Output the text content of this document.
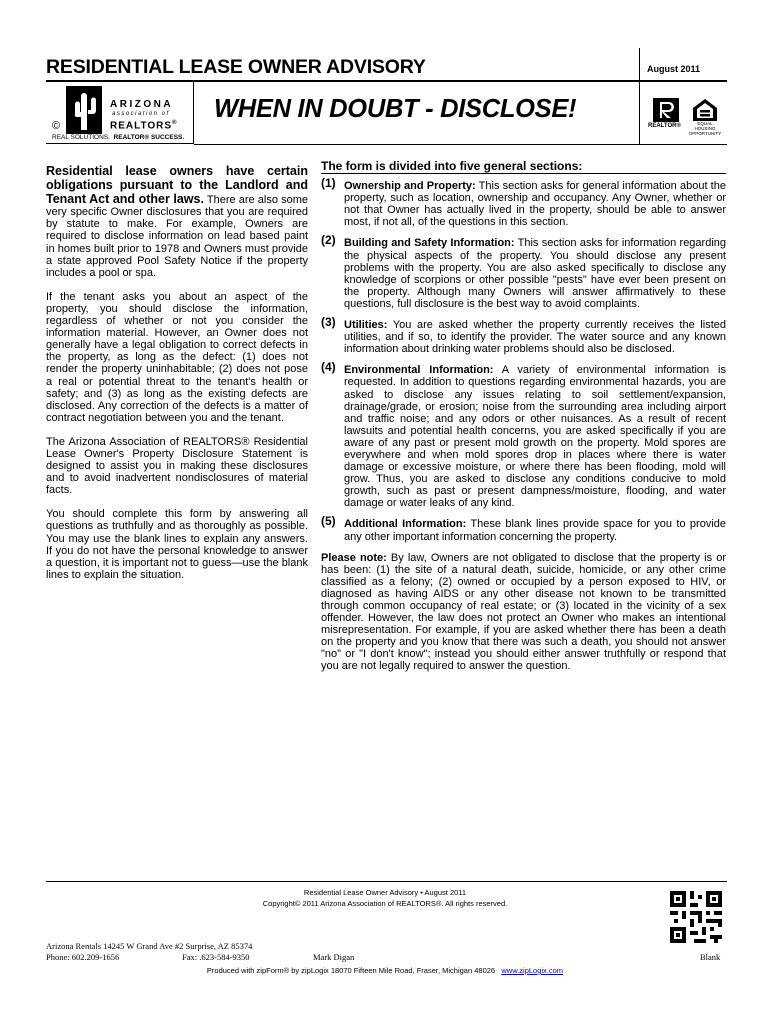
RESIDENTIAL LEASE OWNER ADVISORY	August 2011
©
ARIZONA
association of
REALTORS®
REAL SOLUTIONS. REALTOR® SUCCESS.
WHEN IN DOUBT - DISCLOSE!
REALTOR®	EQUAL HOUSING
OPPORTUNITY

Residential lease owners have certain obligations pursuant to the Landlord and Tenant Act and other laws. There are also some very specific Owner disclosures that you are required by statute to make. For example, Owners are required to disclose information on lead based paint in homes built prior to 1978 and Owners must provide a state approved Pool Safety Notice if the property includes a pool or spa.

If the tenant asks you about an aspect of the property, you should disclose the information, regardless of whether or not you consider the information material. However, an Owner does not generally have a legal obligation to correct defects in the property, as long as the defect: (1) does not render the property uninhabitable; (2) does not pose a real or potential threat to the tenant's health or safety; and (3) as long as the existing defects are disclosed. Any correction of the defects is a matter of contract negotiation between you and the tenant.

The Arizona Association of REALTORS® Residential Lease Owner's Property Disclosure Statement is designed to assist you in making these disclosures and to avoid inadvertent nondisclosures of material facts.

You should complete this form by answering all questions as truthfully and as thoroughly as possible. You may use the blank lines to explain any answers. If you do not have the personal knowledge to answer a question, it is important not to guess—use the blank lines to explain the situation.

The form is divided into five general sections:
(1) Ownership and Property: This section asks for general information about the property, such as location, ownership and occupancy. Any Owner, whether or not that Owner has actually lived in the property, should be able to answer most, if not all, of the questions in this section.
(2) Building and Safety Information: This section asks for information regarding the physical aspects of the property. You should disclose any present problems with the property. You are also asked specifically to disclose any knowledge of scorpions or other possible "pests" have ever been present on the property. Although many Owners will answer affirmatively to these questions, full disclosure is the best way to avoid complaints.
(3) Utilities: You are asked whether the property currently receives the listed utilities, and if so, to identify the provider. The water source and any known information about drinking water problems should also be disclosed.
(4) Environmental Information: A variety of environmental information is requested. In addition to questions regarding environmental hazards, you are asked to disclose any issues relating to soil settlement/expansion, drainage/grade, or erosion; noise from the surrounding area including airport and traffic noise; and any odors or other nuisances. As a result of recent lawsuits and potential health concerns, you are asked specifically if you are aware of any past or present mold growth on the property. Mold spores are everywhere and when mold spores drop in places where there is water damage or excessive moisture, or where there has been flooding, mold will grow. Thus, you are asked to disclose any conditions conducive to mold growth, such as past or present dampness/moisture, flooding, and water damage or water leaks of any kind.
(5) Additional Information: These blank lines provide space for you to provide any other important information concerning the property.

Please note: By law, Owners are not obligated to disclose that the property is or has been: (1) the site of a natural death, suicide, homicide, or any other crime classified as a felony; (2) owned or occupied by a person exposed to HIV, or diagnosed as having AIDS or any other disease not known to be transmitted through common occupancy of real estate; or (3) located in the vicinity of a sex offender. However, the law does not protect an Owner who makes an intentional misrepresentation. For example, if you are asked whether there has been a death on the property and you know that there was such a death, you should not answer "no" or "I don't know"; instead you should either answer truthfully or respond that you are not legally required to answer the question.

Residential Lease Owner Advisory • August 2011
Copyright© 2011 Arizona Association of REALTORS®. All rights reserved.
Arizona Rentals 14245 W Grand Ave #2 Surprise, AZ 85374
Phone: 602.209-1656	Fax: .623-584-9350	Mark Digan	Blank
Produced with zipForm® by zipLogix 18070 Fifteen Mile Road, Fraser, Michigan 48026 www.zipLogix.com
